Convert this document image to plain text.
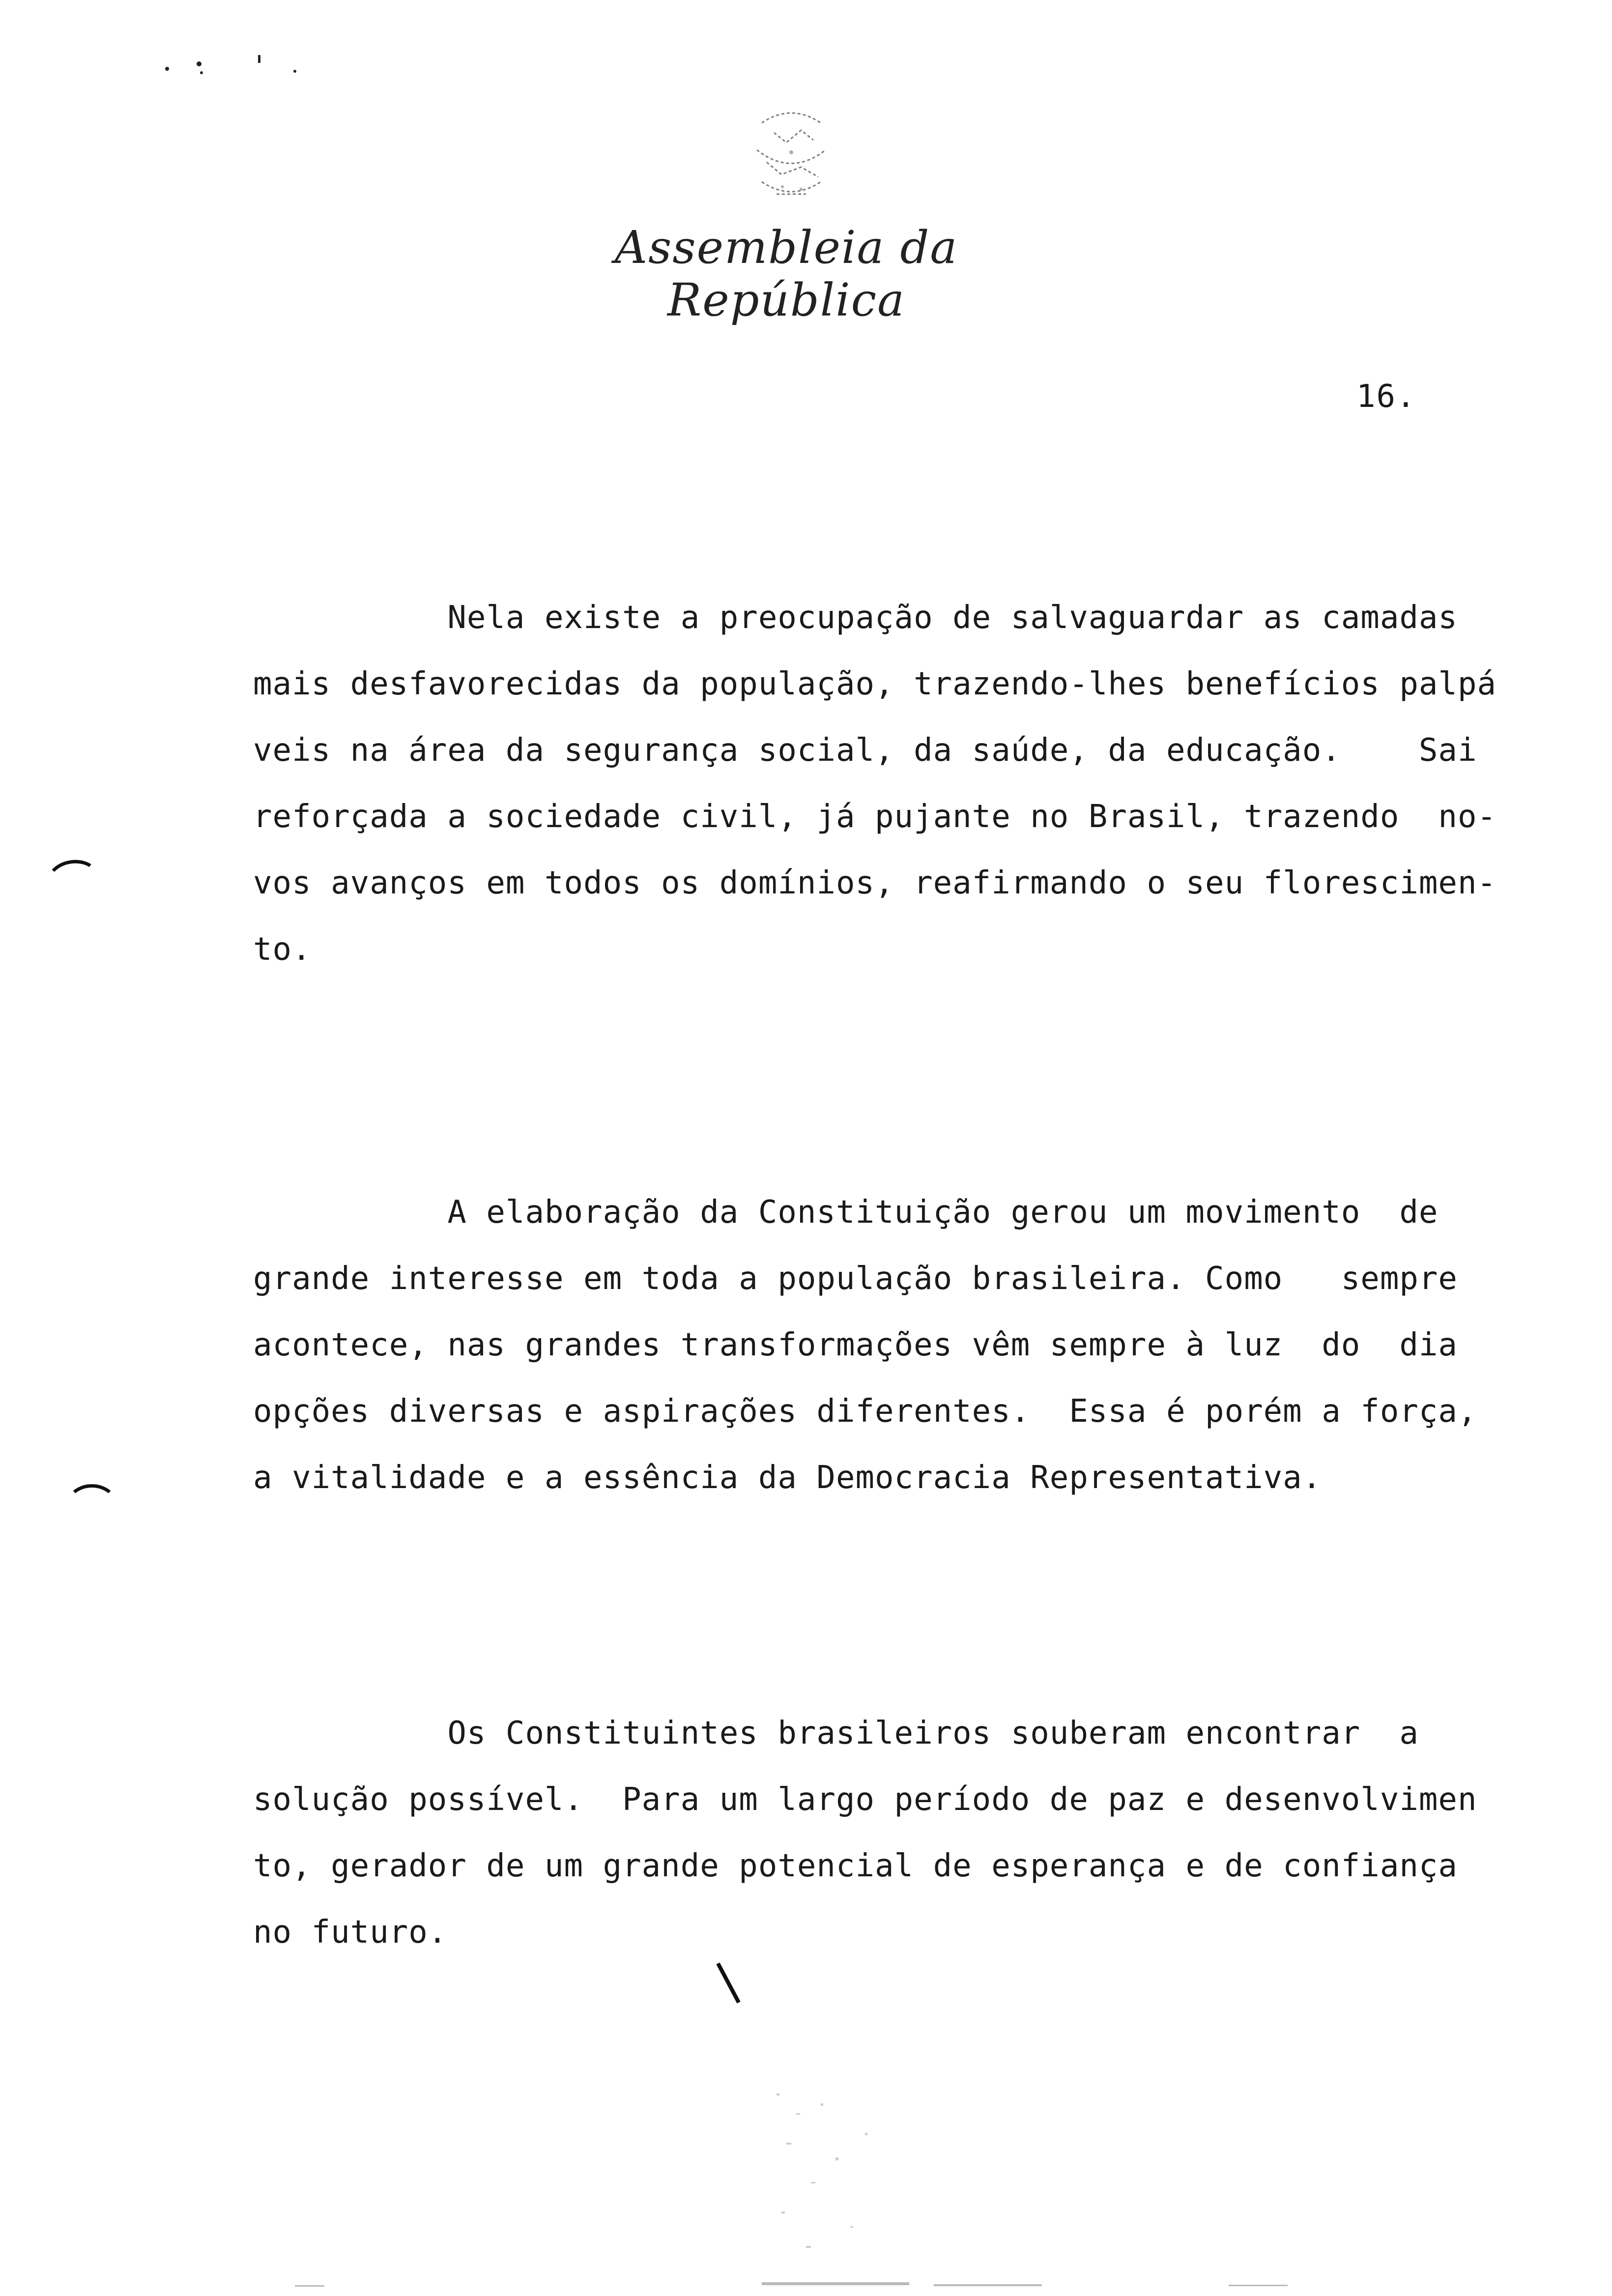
Assembleia da República
16.
Nela existe a preocupação de salvaguardar as camadas
mais desfavorecidas da população, trazendo-lhes benefícios palpá
veis na área da segurança social, da saúde, da educação.    Sai
reforçada a sociedade civil, já pujante no Brasil, trazendo  no-
vos avanços em todos os domínios, reafirmando o seu florescimen-
to.
A elaboração da Constituição gerou um movimento  de
grande interesse em toda a população brasileira. Como   sempre
acontece, nas grandes transformações vêm sempre à luz  do  dia
opções diversas e aspirações diferentes.  Essa é porém a força,
a vitalidade e a essência da Democracia Representativa.
Os Constituintes brasileiros souberam encontrar  a
solução possível.  Para um largo período de paz e desenvolvimen
to, gerador de um grande potencial de esperança e de confiança
no futuro.
